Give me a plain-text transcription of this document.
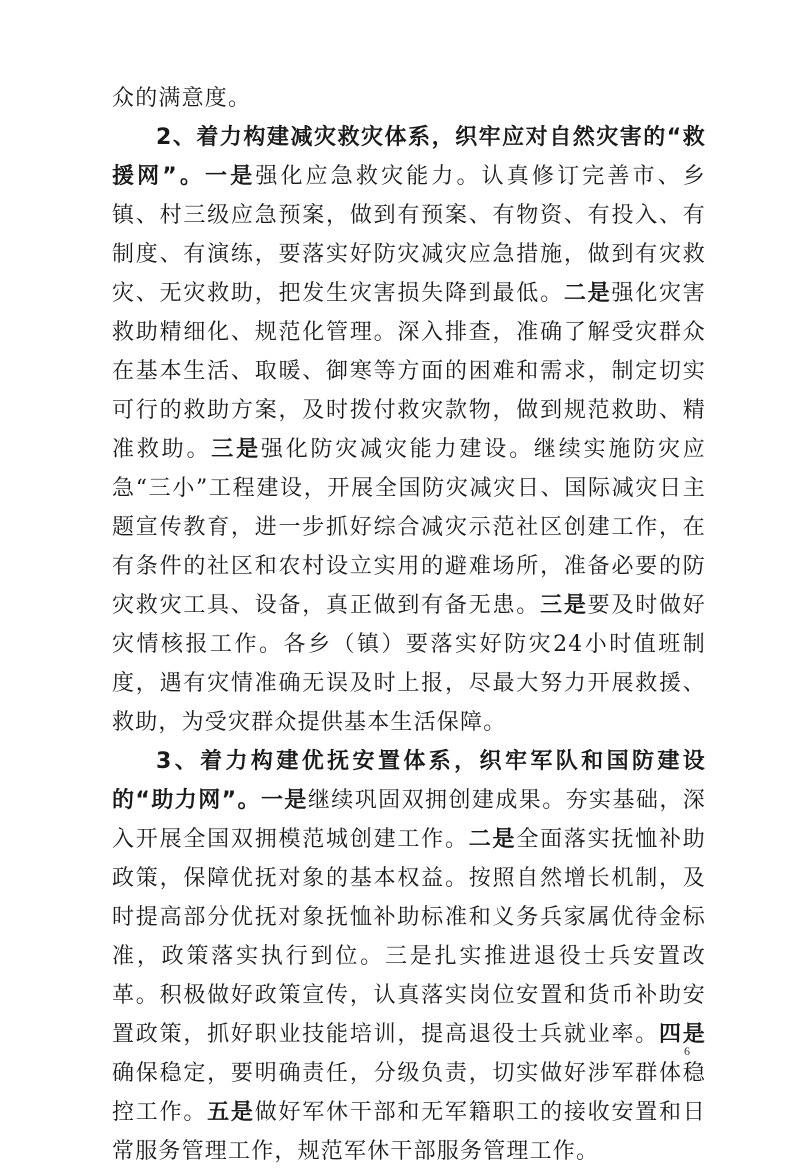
众的满意度。

2、着力构建减灾救灾体系，织牢应对自然灾害的“救援网”。一是强化应急救灾能力。认真修订完善市、乡镇、村三级应急预案，做到有预案、有物资、有投入、有制度、有演练，要落实好防灾减灾应急措施，做到有灾救灾、无灾救助，把发生灾害损失降到最低。二是强化灾害救助精细化、规范化管理。深入排查，准确了解受灾群众在基本生活、取暖、御寒等方面的困难和需求，制定切实可行的救助方案，及时拨付救灾款物，做到规范救助、精准救助。三是强化防灾减灾能力建设。继续实施防灾应急“三小”工程建设，开展全国防灾减灾日、国际减灾日主题宣传教育，进一步抓好综合减灾示范社区创建工作，在有条件的社区和农村设立实用的避难场所，准备必要的防灾救灾工具、设备，真正做到有备无患。三是要及时做好灾情核报工作。各乡（镇）要落实好防灾24小时值班制度，遇有灾情准确无误及时上报，尽最大努力开展救援、救助，为受灾群众提供基本生活保障。

3、着力构建优抚安置体系，织牢军队和国防建设的“助力网”。一是继续巩固双拥创建成果。夯实基础，深入开展全国双拥模范城创建工作。二是全面落实抚恤补助政策，保障优抚对象的基本权益。按照自然增长机制，及时提高部分优抚对象抚恤补助标准和义务兵家属优待金标准，政策落实执行到位。三是扎实推进退役士兵安置改革。积极做好政策宣传，认真落实岗位安置和货币补助安置政策，抓好职业技能培训，提高退役士兵就业率。四是确保稳定，要明确责任，分级负责，切实做好涉军群体稳控工作。五是做好军休干部和无军籍职工的接收安置和日常服务管理工作，规范军休干部服务管理工作。

6
